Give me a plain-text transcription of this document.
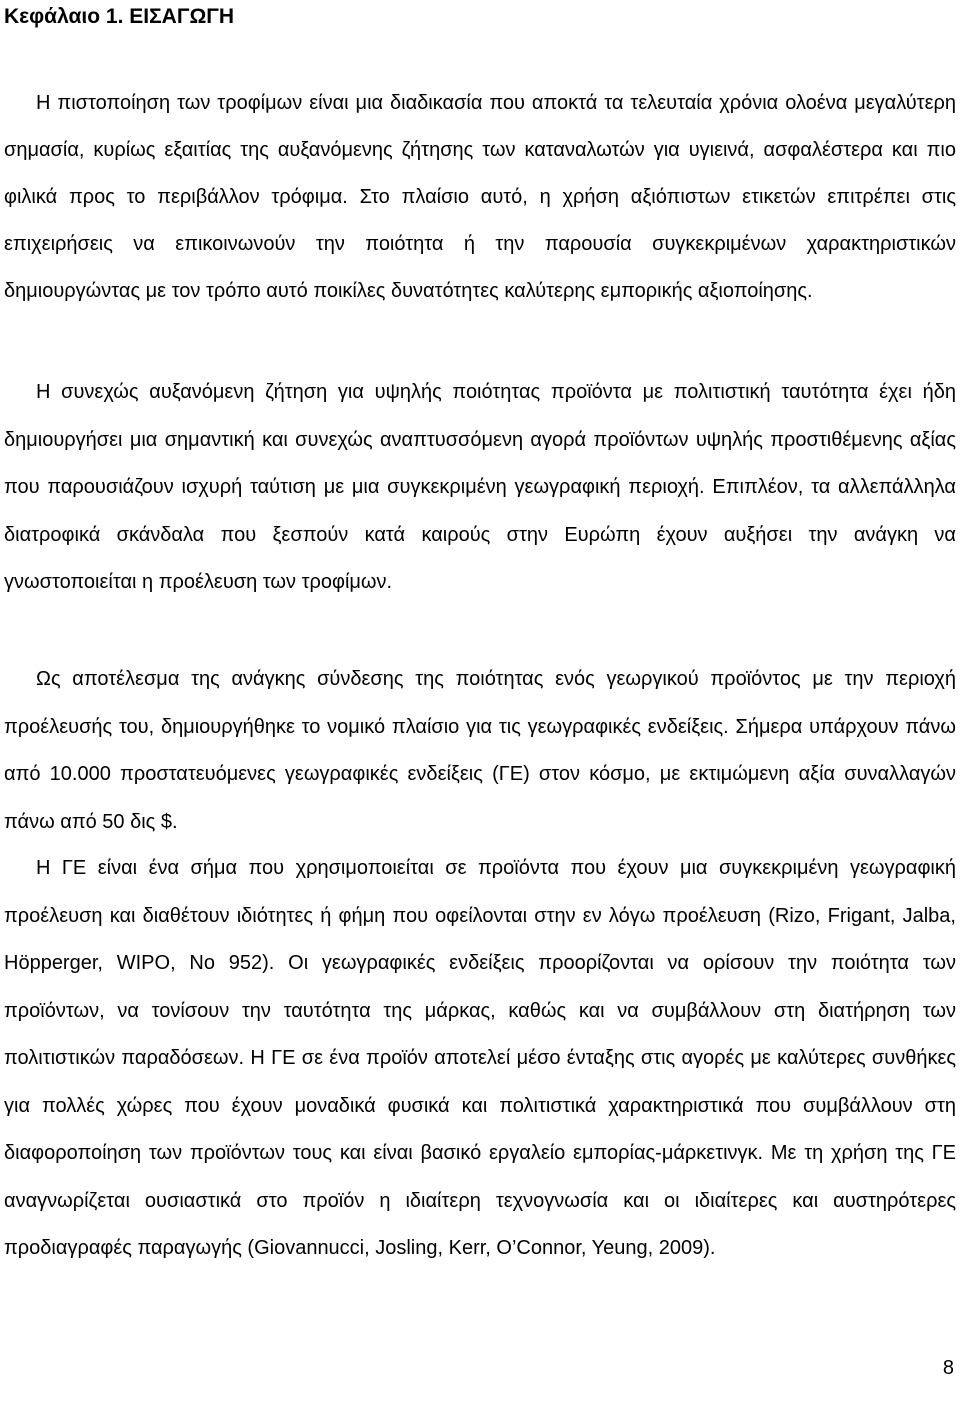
Κεφάλαιο 1. ΕΙΣΑΓΩΓΗ

Η πιστοποίηση των τροφίμων είναι μια διαδικασία που αποκτά τα τελευταία χρόνια ολοένα μεγαλύτερη σημασία, κυρίως εξαιτίας της αυξανόμενης ζήτησης των καταναλωτών για υγιεινά, ασφαλέστερα και πιο φιλικά προς το περιβάλλον τρόφιμα. Στο πλαίσιο αυτό, η χρήση αξιόπιστων ετικετών επιτρέπει στις επιχειρήσεις να επικοινωνούν την ποιότητα ή την παρουσία συγκεκριμένων χαρακτηριστικών δημιουργώντας με τον τρόπο αυτό ποικίλες δυνατότητες καλύτερης εμπορικής αξιοποίησης.

Η συνεχώς αυξανόμενη ζήτηση για υψηλής ποιότητας προϊόντα με πολιτιστική ταυτότητα έχει ήδη δημιουργήσει μια σημαντική και συνεχώς αναπτυσσόμενη αγορά προϊόντων υψηλής προστιθέμενης αξίας που παρουσιάζουν ισχυρή ταύτιση με μια συγκεκριμένη γεωγραφική περιοχή. Επιπλέον, τα αλλεπάλληλα διατροφικά σκάνδαλα που ξεσπούν κατά καιρούς στην Ευρώπη έχουν αυξήσει την ανάγκη να γνωστοποιείται η προέλευση των τροφίμων.

Ως αποτέλεσμα της ανάγκης σύνδεσης της ποιότητας ενός γεωργικού προϊόντος με την περιοχή προέλευσής του, δημιουργήθηκε το νομικό πλαίσιο για τις γεωγραφικές ενδείξεις. Σήμερα υπάρχουν πάνω από 10.000 προστατευόμενες γεωγραφικές ενδείξεις (ΓΕ) στον κόσμο, με εκτιμώμενη αξία συναλλαγών πάνω από 50 δις $.

Η ΓΕ είναι ένα σήμα που χρησιμοποιείται σε προϊόντα που έχουν μια συγκεκριμένη γεωγραφική προέλευση και διαθέτουν ιδιότητες ή φήμη που οφείλονται στην εν λόγω προέλευση (Rizo, Frigant, Jalba, Höpperger, WIPO, No 952). Οι γεωγραφικές ενδείξεις προορίζονται να ορίσουν την ποιότητα των προϊόντων, να τονίσουν την ταυτότητα της μάρκας, καθώς και να συμβάλλουν στη διατήρηση των πολιτιστικών παραδόσεων. Η ΓΕ σε ένα προϊόν αποτελεί μέσο ένταξης στις αγορές με καλύτερες συνθήκες για πολλές χώρες που έχουν μοναδικά φυσικά και πολιτιστικά χαρακτηριστικά που συμβάλλουν στη διαφοροποίηση των προϊόντων τους και είναι βασικό εργαλείο εμπορίας-μάρκετινγκ. Με τη χρήση της ΓΕ αναγνωρίζεται ουσιαστικά στο προϊόν η ιδιαίτερη τεχνογνωσία και οι ιδιαίτερες και αυστηρότερες προδιαγραφές παραγωγής (Giovannucci, Josling, Kerr, O’Connor, Yeung, 2009).

8
